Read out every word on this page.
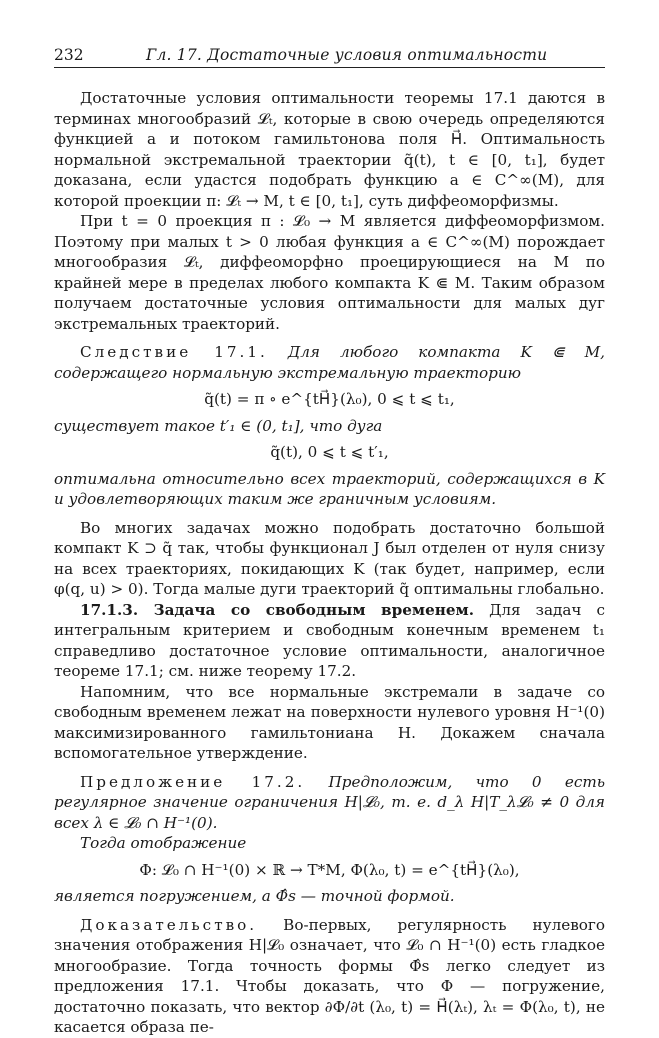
232	Гл. 17. Достаточные условия оптимальности

Достаточные условия оптимальности теоремы 17.1 даются в терминах многообразий 𝓛ₜ, которые в свою очередь определяются функцией a и потоком гамильтонова поля H⃗. Оптимальность нормальной экстремальной траектории q̃(t), t ∈ [0, t₁], будет доказана, если удастся подобрать функцию a ∈ C^∞(M), для которой проекции π: 𝓛ₜ → M, t ∈ [0, t₁], суть диффеоморфизмы.

При t = 0 проекция π : 𝓛₀ → M является диффеоморфизмом. Поэтому при малых t > 0 любая функция a ∈ C^∞(M) порождает многообразия 𝓛ₜ, диффеоморфно проецирующиеся на M по крайней мере в пределах любого компакта K ⋐ M. Таким образом получаем достаточные условия оптимальности для малых дуг экстремальных траекторий.

Следствие 17.1. Для любого компакта K ⋐ M, содержащего нормальную экстремальную траекторию

q̃(t) = π ∘ e^{tH⃗}(λ₀), 0 ⩽ t ⩽ t₁,

существует такое t′₁ ∈ (0, t₁], что дуга

q̃(t), 0 ⩽ t ⩽ t′₁,

оптимальна относительно всех траекторий, содержащихся в K и удовлетворяющих таким же граничным условиям.

Во многих задачах можно подобрать достаточно большой компакт K ⊃ q̃ так, чтобы функционал J был отделен от нуля снизу на всех траекториях, покидающих K (так будет, например, если φ(q, u) > 0). Тогда малые дуги траекторий q̃ оптимальны глобально.

17.1.3. Задача со свободным временем. Для задач с интегральным критерием и свободным конечным временем t₁ справедливо достаточное условие оптимальности, аналогичное теореме 17.1; см. ниже теорему 17.2.

Напомним, что все нормальные экстремали в задаче со свободным временем лежат на поверхности нулевого уровня H⁻¹(0) максимизированного гамильтониана H. Докажем сначала вспомогательное утверждение.

Предложение 17.2. Предположим, что 0 есть регулярное значение ограничения H|𝓛₀, т. е. d_λ H|T_λ𝓛₀ ≠ 0 для всех λ ∈ 𝓛₀ ∩ H⁻¹(0).

Тогда отображение

Φ: 𝓛₀ ∩ H⁻¹(0) × ℝ → T*M, Φ(λ₀, t) = e^{tH⃗}(λ₀),

является погружением, а Φ̂s — точной формой.

Доказательство. Во-первых, регулярность нулевого значения отображения H|𝓛₀ означает, что 𝓛₀ ∩ H⁻¹(0) есть гладкое многообразие. Тогда точность формы Φ̂s легко следует из предложения 17.1. Чтобы доказать, что Φ — погружение, достаточно показать, что вектор ∂Φ/∂t (λ₀, t) = H⃗(λₜ), λₜ = Φ(λ₀, t), не касается образа пе-
